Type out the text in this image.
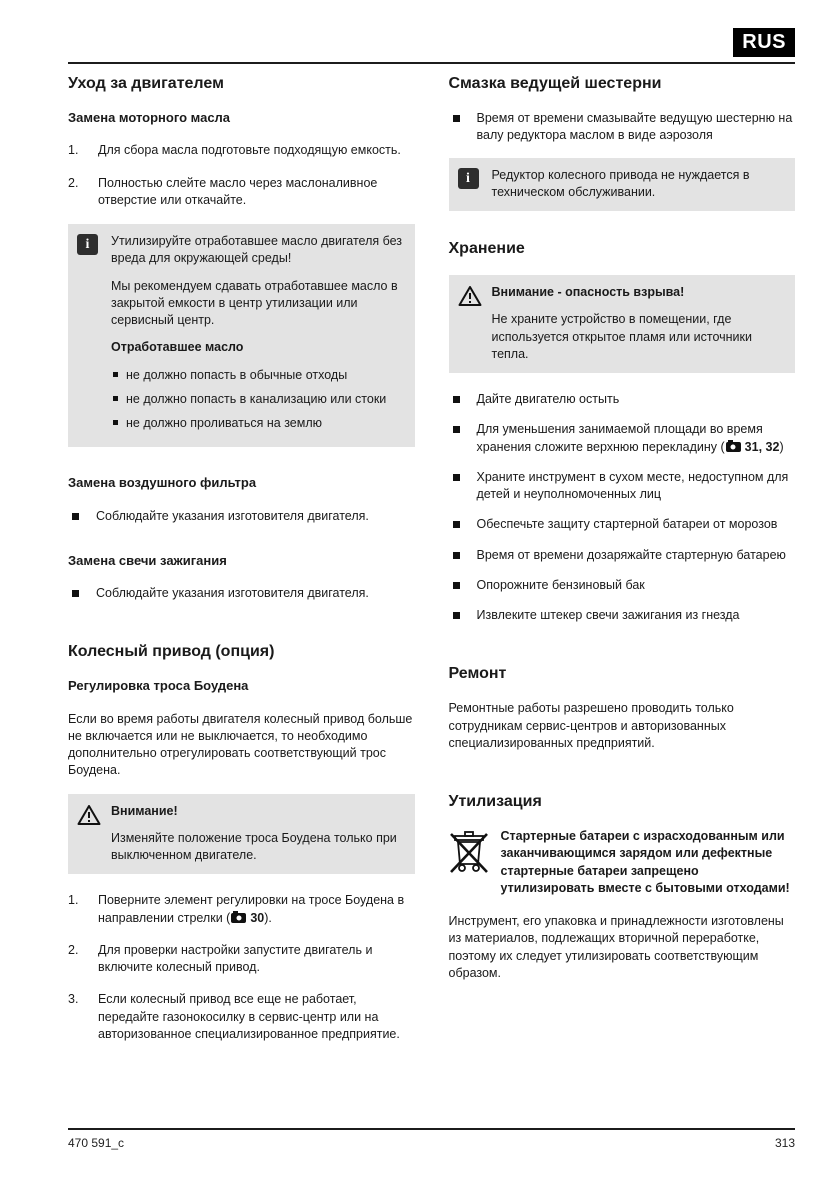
RUS
Уход за двигателем
Замена моторного масла
1.	Для сбора масла подготовьте подходящую емкость.
2.	Полностью слейте масло через маслоналивное отверстие или откачайте.
i	Утилизируйте отработавшее масло двигателя без вреда для окружающей среды!

Мы рекомендуем сдавать отработавшее масло в закрытой емкости в центр утилизации или сервисный центр.

Отработавшее масло

не должно попасть в обычные отходы
не должно попасть в канализацию или стоки
не должно проливаться на землю
Замена воздушного фильтра
Соблюдайте указания изготовителя двигателя.
Замена свечи зажигания
Соблюдайте указания изготовителя двигателя.
Колесный привод (опция)
Регулировка троса Боудена

Если во время работы двигателя колесный привод больше не включается или не выключается, то необходимо дополнительно отрегулировать соответствующий трос Боудена.

Внимание!

Изменяйте положение троса Боудена только при выключенном двигателе.

1.	Поверните элемент регулировки на тросе Боудена в направлении стрелки ( 30).
2.	Для проверки настройки запустите двигатель и включите колесный привод.
3.	Если колесный привод все еще не работает, передайте газонокосилку в сервис-центр или на авторизованное специализированное предприятие.
Смазка ведущей шестерни
Время от времени смазывайте ведущую шестерню на валу редуктора маслом в виде аэрозоля
i	Редуктор колесного привода не нуждается в техническом обслуживании.

Хранение

Внимание - опасность взрыва!

Не храните устройство в помещении, где используется открытое пламя или источники тепла.

Дайте двигателю остыть
Для уменьшения занимаемой площади во время хранения сложите верхнюю перекладину ( 31, 32)
Храните инструмент в сухом месте, недоступном для детей и неуполномоченных лиц
Обеспечьте защиту стартерной батареи от морозов
Время от времени дозаряжайте стартерную батарею
Опорожните бензиновый бак
Извлеките штекер свечи зажигания из гнезда
Ремонт

Ремонтные работы разрешено проводить только сотрудникам сервис-центров и авторизованных специализированных предприятий.

Утилизация
Стартерные батареи с израсходованным или заканчивающимся зарядом или дефектные стартерные батареи запрещено утилизировать вместе с бытовыми отходами!

Инструмент, его упаковка и принадлежности изготовлены из материалов, подлежащих вторичной переработке, поэтому их следует утилизировать соответствующим образом.

470 591_c	313
